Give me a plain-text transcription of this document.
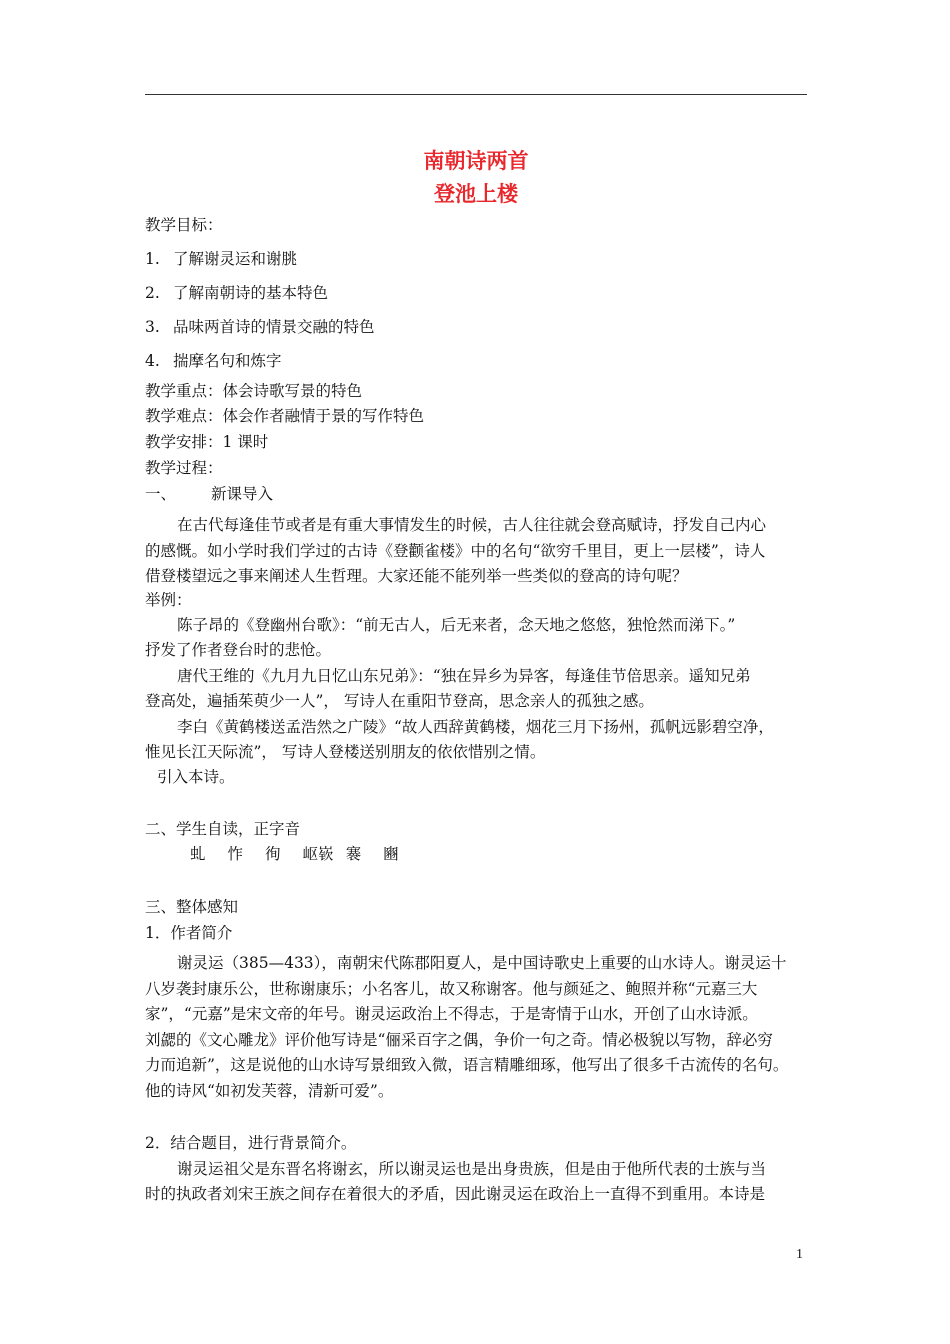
南朝诗两首
登池上楼
教学目标：
1. 了解谢灵运和谢朓
2. 了解南朝诗的基本特色
3. 品味两首诗的情景交融的特色
4. 揣摩名句和炼字
教学重点：体会诗歌写景的特色
教学难点：体会作者融情于景的写作特色
教学安排：1 课时
教学过程：
一、 新课导入
在古代每逢佳节或者是有重大事情发生的时候，古人往往就会登高赋诗，抒发自己内心
的感慨。如小学时我们学过的古诗《登颧雀楼》中的名句“欲穷千里目，更上一层楼”，诗人
借登楼望远之事来阐述人生哲理。大家还能不能列举一些类似的登高的诗句呢？
举例：
陈子昂的《登幽州台歌》：“前无古人，后无来者，念天地之悠悠，独怆然而涕下。”
抒发了作者登台时的悲怆。
唐代王维的《九月九日忆山东兄弟》：“独在异乡为异客，每逢佳节倍思亲。遥知兄弟
登高处，遍插茱萸少一人”， 写诗人在重阳节登高，思念亲人的孤独之感。
李白《黄鹤楼送孟浩然之广陵》“故人西辞黄鹤楼，烟花三月下扬州，孤帆远影碧空净，
惟见长江天际流”， 写诗人登楼送别朋友的依依惜别之情。
引入本诗。
二、学生自读，正字音
虬 怍 徇 岖嵚 褰 豳
三、整体感知
1．作者简介
谢灵运（385—433），南朝宋代陈郡阳夏人，是中国诗歌史上重要的山水诗人。谢灵运十
八岁袭封康乐公，世称谢康乐；小名客儿，故又称谢客。他与颜延之、鲍照并称“元嘉三大
家”，“元嘉”是宋文帝的年号。谢灵运政治上不得志，于是寄情于山水，开创了山水诗派。
刘勰的《文心雕龙》评价他写诗是“俪采百字之偶，争价一句之奇。情必极貌以写物，辞必穷
力而追新”，这是说他的山水诗写景细致入微，语言精雕细琢，他写出了很多千古流传的名句。
他的诗风“如初发芙蓉，清新可爱”。
2．结合题目，进行背景简介。
谢灵运祖父是东晋名将谢玄，所以谢灵运也是出身贵族，但是由于他所代表的士族与当
时的执政者刘宋王族之间存在着很大的矛盾，因此谢灵运在政治上一直得不到重用。本诗是
1
